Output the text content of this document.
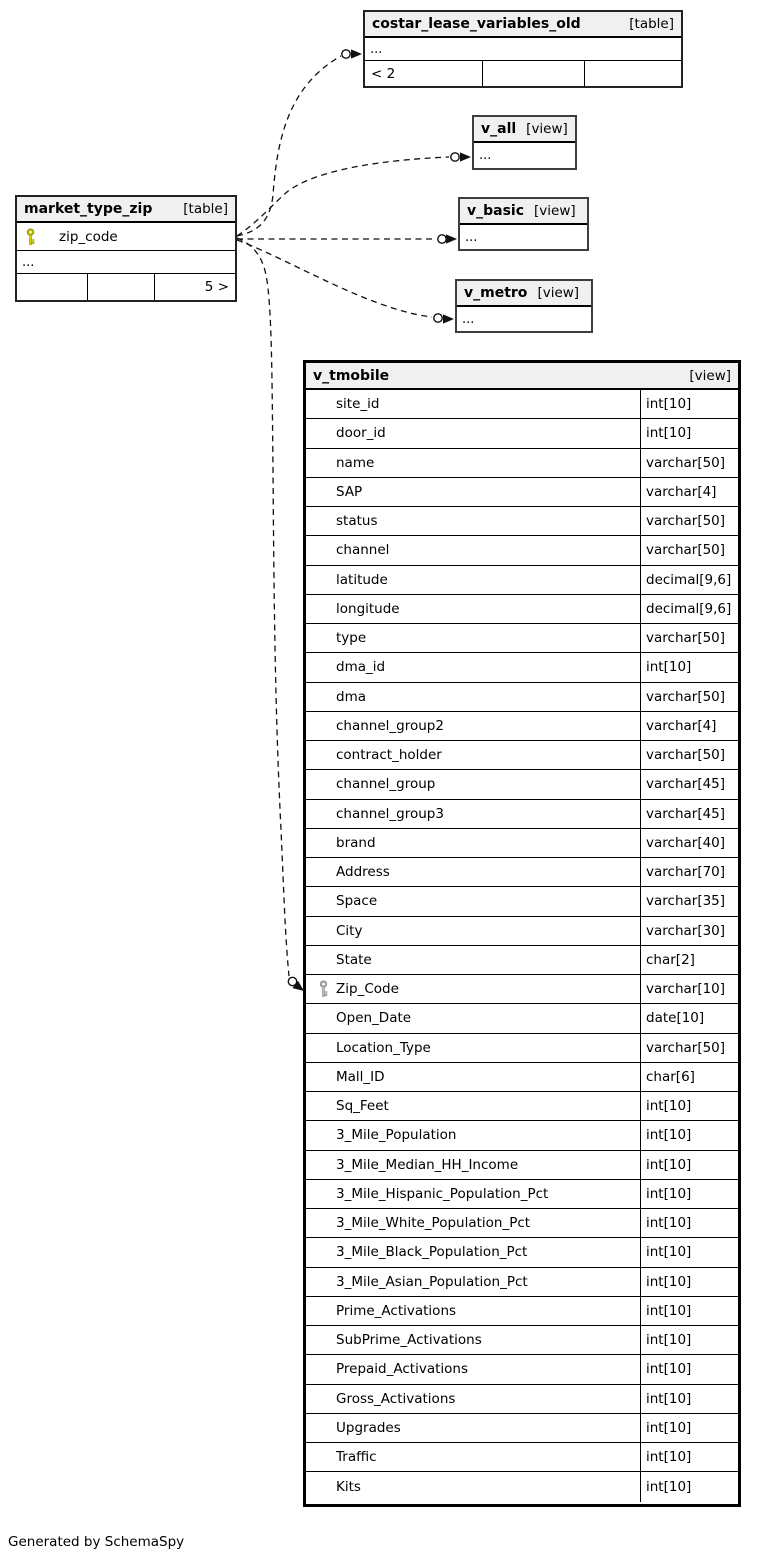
costar_lease_variables_old	[table]
...
< 2
v_all [view]
...
v_basic [view]
...
v_metro [view]
...
market_type_zip [table]
zip_code
...
5 >
v_tmobile	[view]
site_id	int[10]
door_id	int[10]
name	varchar[50]
SAP	varchar[4]
status	varchar[50]
channel	varchar[50]
latitude	decimal[9,6]
longitude	decimal[9,6]
type	varchar[50]
dma_id	int[10]
dma	varchar[50]
channel_group2	varchar[4]
contract_holder	varchar[50]
channel_group	varchar[45]
channel_group3	varchar[45]
brand	varchar[40]
Address	varchar[70]
Space	varchar[35]
City	varchar[30]
State	char[2]
Zip_Code	varchar[10]
Open_Date	date[10]
Location_Type	varchar[50]
Mall_ID	char[6]
Sq_Feet	int[10]
3_Mile_Population	int[10]
3_Mile_Median_HH_Income	int[10]
3_Mile_Hispanic_Population_Pct	int[10]
3_Mile_White_Population_Pct	int[10]
3_Mile_Black_Population_Pct	int[10]
3_Mile_Asian_Population_Pct	int[10]
Prime_Activations	int[10]
SubPrime_Activations	int[10]
Prepaid_Activations	int[10]
Gross_Activations	int[10]
Upgrades	int[10]
Traffic	int[10]
Kits	int[10]
Generated by SchemaSpy
